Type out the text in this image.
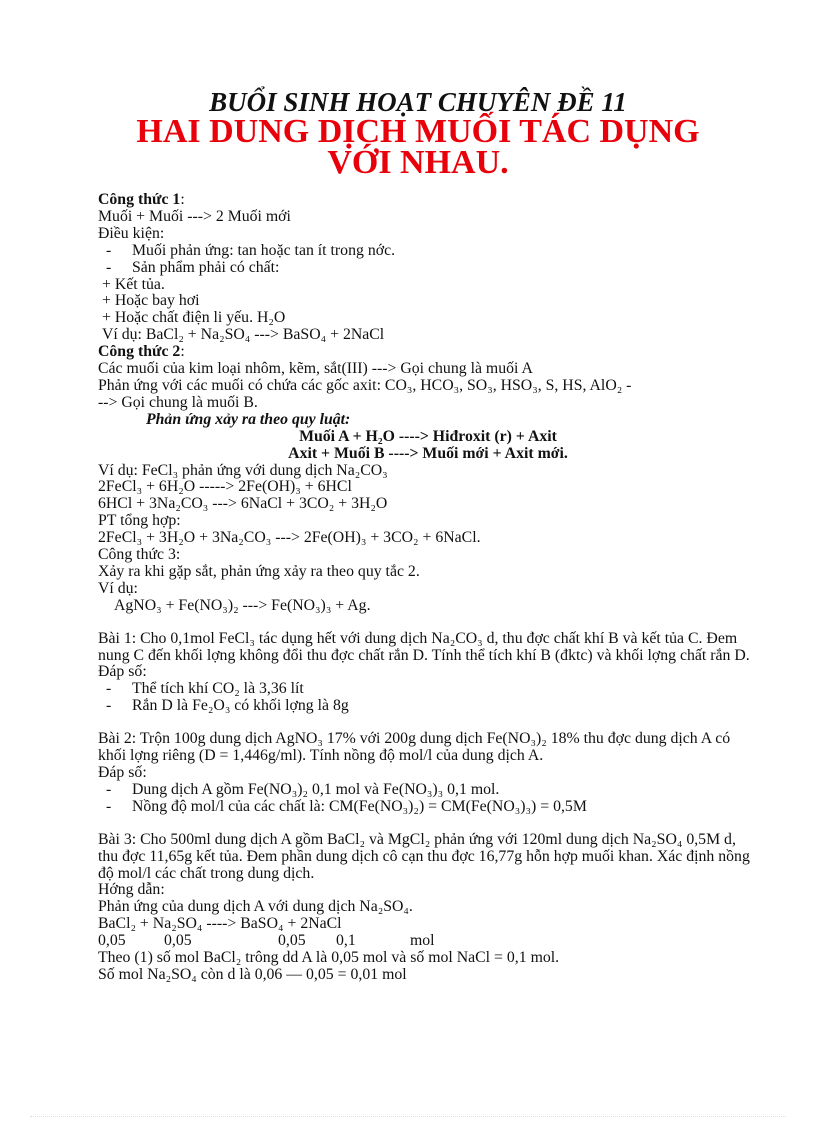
BUỔI SINH HOẠT CHUYÊN ĐỀ 11
HAI DUNG DỊCH MUỐI TÁC DỤNG
VỚI NHAU.
Công thức 1:
Muối + Muối ---> 2 Muối mới
Điều kiện:
- Muối phản ứng: tan hoặc tan ít trong nớc.
- Sản phẩm phải có chất:
+ Kết tủa.
+ Hoặc bay hơi
+ Hoặc chất điện li yếu. H₂O
Ví dụ: BaCl₂ + Na₂SO₄ ---> BaSO₄ + 2NaCl
Công thức 2:
Các muối của kim loại nhôm, kẽm, sắt(III) ---> Gọi chung là muối A
Phản ứng với các muối có chứa các gốc axit: CO₃, HCO₃, SO₃, HSO₃, S, HS, AlO₂ -
--> Gọi chung là muối B.
Phản ứng xảy ra theo quy luật:
Muối A + H₂O ----> Hiđroxit (r) + Axit
Axit + Muối B ----> Muối mới + Axit mới.
Ví dụ: FeCl₃ phản ứng với dung dịch Na₂CO₃
2FeCl₃ + 6H₂O -----> 2Fe(OH)₃ + 6HCl
6HCl + 3Na₂CO₃ ---> 6NaCl + 3CO₂ + 3H₂O
PT tổng hợp:
2FeCl₃ + 3H₂O + 3Na₂CO₃ ---> 2Fe(OH)₃ + 3CO₂ + 6NaCl.
Công thức 3:
Xảy ra khi gặp sắt, phản ứng xảy ra theo quy tắc 2.
Ví dụ:
AgNO₃ + Fe(NO₃)₂ ---> Fe(NO₃)₃ + Ag.
Bài 1: Cho 0,1mol FeCl₃ tác dụng hết với dung dịch Na₂CO₃ d, thu đợc chất khí B và kết tủa C. Đem nung C đến khối lợng không đổi thu đợc chất rắn D. Tính thể tích khí B (đktc) và khối lợng chất rắn D.
Đáp số:
- Thể tích khí CO₂ là 3,36 lít
- Rắn D là Fe₂O₃ có khối lợng là 8g
Bài 2: Trộn 100g dung dịch AgNO₃ 17% với 200g dung dịch Fe(NO₃)₂ 18% thu đợc dung dịch A có khối lợng riêng (D = 1,446g/ml). Tính nồng độ mol/l của dung dịch A.
Đáp số:
- Dung dịch A gồm Fe(NO₃)₂ 0,1 mol và Fe(NO₃)₃ 0,1 mol.
- Nồng độ mol/l của các chất là: CM(Fe(NO₃)₂) = CM(Fe(NO₃)₃) = 0,5M
Bài 3: Cho 500ml dung dịch A gồm BaCl₂ và MgCl₂ phản ứng với 120ml dung dịch Na₂SO₄ 0,5M d, thu đợc 11,65g kết tủa. Đem phần dung dịch cô cạn thu đợc 16,77g hỗn hợp muối khan. Xác định nồng độ mol/l các chất trong dung dịch.
Hớng dẫn:
Phản ứng của dung dịch A với dung dịch Na₂SO₄.
BaCl₂ + Na₂SO₄ ----> BaSO₄ + 2NaCl
0,05 0,05	0,05 0,1	mol
Theo (1) số mol BaCl₂ trông dd A là 0,05 mol và số mol NaCl = 0,1 mol.
Số mol Na₂SO₄ còn d là 0,06 — 0,05 = 0,01 mol
